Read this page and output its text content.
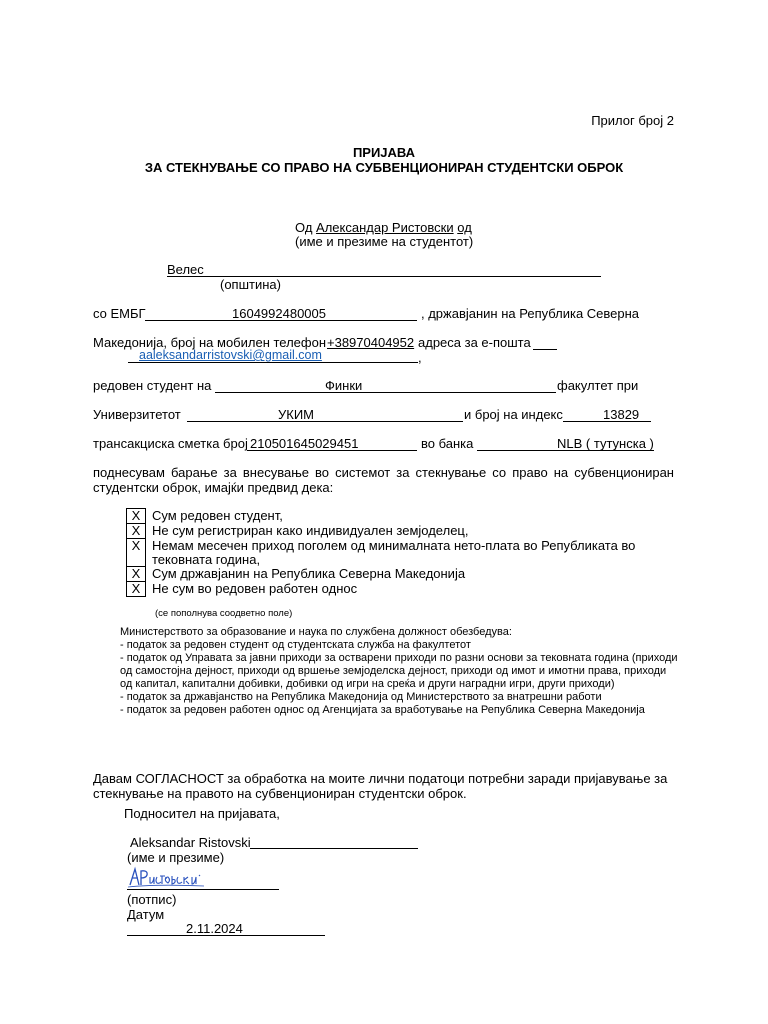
Прилог број 2
ПРИЈАВА
ЗА СТЕКНУВАЊЕ СО ПРАВО НА СУБВЕНЦИОНИРАН СТУДЕНТСКИ ОБРОК
Од Александар Ристовски од
(име и презиме на студентот)
Велес
(општина)
со ЕМБГ	1604992480005	, државјанин на Република Северна
Македонија, број на мобилен телефон +38970404952 адреса за е-пошта
aaleksandarristovski@gmail.com	,
редовен студент на	Финки	факултет при
Универзитетот	УКИМ	и број на индекс	13829
трансакциска сметка број 210501645029451	во банка	NLB ( тутунска )
поднесувам барање за внесување во системот за стекнување со право на субвенциониран студентски оброк, имајќи предвид дека:
X	Сум редовен студент,
X	Не сум регистриран како индивидуален земјоделец,
X	Немам месечен приход поголем од минималната нето-плата во Републиката во тековната година,
X	Сум државјанин на Република Северна Македонија
X	Не сум во редовен работен однос
(се пополнува соодветно поле)
Министерството за образование и наука по службена должност обезбедува:
- податок за редовен студент од студентската служба на факултетот
- податок од Управата за јавни приходи за остварени приходи по разни основи за тековната година (приходи од самостојна дејност, приходи од вршење земјоделска дејност, приходи од имот и имотни права, приходи од капитал, капитални добивки, добивки од игри на среќа и други наградни игри, други приходи)
- податок за државјанство на Република Македонија од Министерството за внатрешни работи
- податок за редовен работен однос од Агенцијата за вработување на Република Северна Македонија
Давам СОГЛАСНОСТ за обработка на моите лични податоци потребни заради пријавување за стекнување на правото на субвенциониран студентски оброк.
Подносител на пријавата,
Aleksandar Ristovski
(име и презиме)
(потпис)
Датум
2.11.2024
